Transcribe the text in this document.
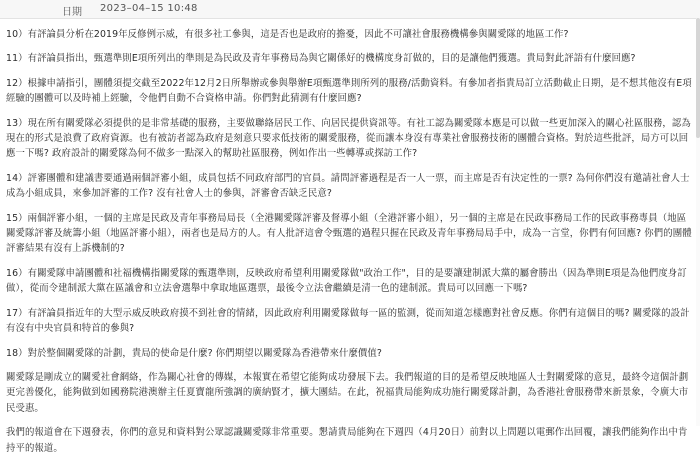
日期 2023–04–15 10:48

10）有評論員分析在2019年反修例示威，有很多社工參與，這是否也是政府的擔憂，因此不可讓社會服務機構參與關愛隊的地區工作?

11）有評論員指出，甄選準則E項所列出的準則是為民政及青年事務局為與它關係好的機構度身訂做的，目的是讓他們獲選。貴局對此評語有什麼回應?

12）根據申請指引，團體須提交截至2022年12月2日所舉辦或參與舉辦E項甄選準則所列的服務/活動資料。有參加者指貴局訂立活動截止日期，是不想其他沒有E項經驗的團體可以及時補上經驗，令他們自動不合資格申請。你們對此猜測有什麼回應?

13）現在所有關愛隊必須提供的是非常基礎的服務，主要做聯絡居民工作、向居民提供資訊等。有社工認為關愛隊本應是可以做一些更加深入的關心社區服務，認為現在的形式是浪費了政府資源。也有被訪者認為政府是刻意只要求低技術的關愛服務，從而讓本身沒有專業社會服務技術的團體合資格。對於這些批評，局方可以回應一下嗎? 政府設計的關愛隊為何不做多一點深入的幫助社區服務，例如作出一些轉導或探訪工作?

14）評審團體和建議書要通過兩個評審小組，成員包括不同政府部門的官員。請問評審過程是否一人一票，而主席是否有決定性的一票? 為何你們沒有邀請社會人士成為小組成員，來參加評審的工作? 沒有社會人士的參與，評審會否缺乏民意?

15）兩個評審小組，一個的主席是民政及青年事務局局長（全港關愛隊評審及督導小組（全港評審小組），另一個的主席是在民政事務局工作的民政事務專員（地區關愛隊評審及統籌小組（地區評審小組），兩者也是局方的人。有人批評這會令甄選的過程只握在民政及青年事務局局手中，成為一言堂，你們有何回應? 你們的團體評審結果有沒有上訴機制的?

16）有關愛隊申請團體和社福機構指關愛隊的甄選準則，反映政府希望利用關愛隊做"政治工作"，目的是要讓建制派大黨的屬會勝出（因為準則E項是為他們度身訂做），從而令建制派大黨在區議會和立法會選舉中拿取地區選票，最後令立法會繼續是清一色的建制派。貴局可以回應一下嗎?

17）有評論員指近年的大型示威反映政府摸不到社會的情緒，因此政府利用關愛隊做每一區的監測，從而知道怎樣應對社會反應。你們有這個目的嗎? 關愛隊的設計有沒有中央官員和特首的參與?

18）對於整個關愛隊的計劃，貴局的使命是什麼? 你們期望以關愛隊為香港帶來什麼價值?

關愛隊是剛成立的關愛社會網絡，作為關心社會的傳媒，本報實在希望它能夠成功發展下去。我們報道的目的是希望反映地區人士對關愛隊的意見，最終令這個計劃更完善優化，能夠做到如國務院港澳辦主任夏寶龍所強調的廣納賢才，擴大團結。在此，祝福貴局能夠成功施行關愛隊計劃，為香港社會服務帶來新景象，令廣大市民受惠。

我們的報道會在下週發表，你們的意見和資料對公眾認識關愛隊非常重要。懇請貴局能夠在下週四（4月20日）前對以上問題以電郵作出回覆，讓我們能夠作出中肯持平的報道。
